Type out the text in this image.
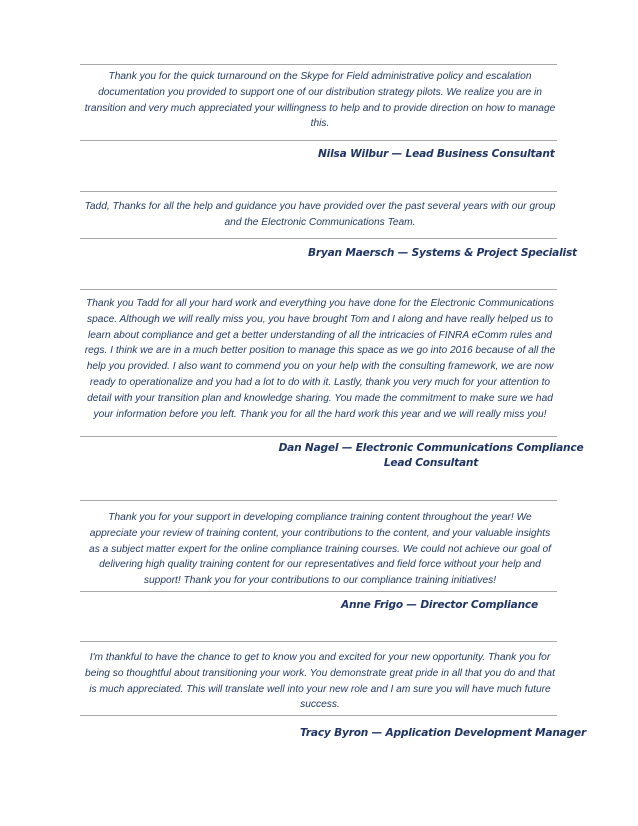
Thank you for the quick turnaround on the Skype for Field administrative policy and escalation documentation you provided to support one of our distribution strategy pilots. We realize you are in transition and very much appreciated your willingness to help and to provide direction on how to manage this.

Nilsa Wilbur — Lead Business Consultant

Tadd, Thanks for all the help and guidance you have provided over the past several years with our group and the Electronic Communications Team.

Bryan Maersch — Systems & Project Specialist

Thank you Tadd for all your hard work and everything you have done for the Electronic Communications space. Although we will really miss you, you have brought Tom and I along and have really helped us to learn about compliance and get a better understanding of all the intricacies of FINRA eComm rules and regs. I think we are in a much better position to manage this space as we go into 2016 because of all the help you provided. I also want to commend you on your help with the consulting framework, we are now ready to operationalize and you had a lot to do with it. Lastly, thank you very much for your attention to detail with your transition plan and knowledge sharing. You made the commitment to make sure we had your information before you left. Thank you for all the hard work this year and we will really miss you!

Dan Nagel — Electronic Communications Compliance Lead Consultant

Thank you for your support in developing compliance training content throughout the year! We appreciate your review of training content, your contributions to the content, and your valuable insights as a subject matter expert for the online compliance training courses. We could not achieve our goal of delivering high quality training content for our representatives and field force without your help and support! Thank you for your contributions to our compliance training initiatives!

Anne Frigo — Director Compliance

I'm thankful to have the chance to get to know you and excited for your new opportunity. Thank you for being so thoughtful about transitioning your work. You demonstrate great pride in all that you do and that is much appreciated. This will translate well into your new role and I am sure you will have much future success.

Tracy Byron — Application Development Manager
